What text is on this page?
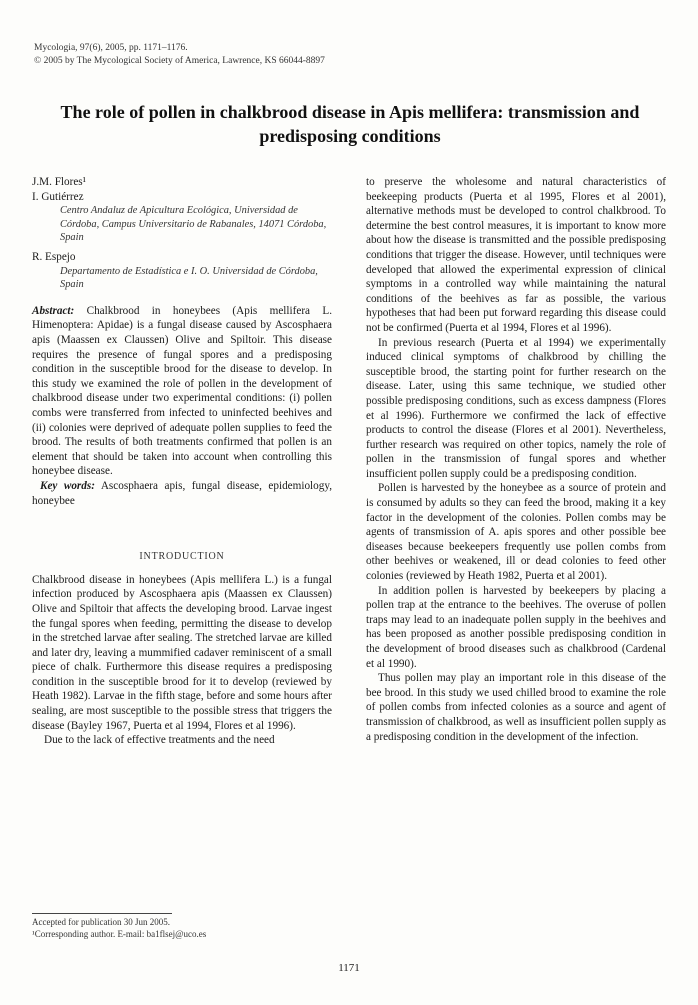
Mycologia, 97(6), 2005, pp. 1171–1176.
© 2005 by The Mycological Society of America, Lawrence, KS 66044-8897
The role of pollen in chalkbrood disease in Apis mellifera: transmission and predisposing conditions
J.M. Flores¹
I. Gutiérrez
Centro Andaluz de Apicultura Ecológica, Universidad de Córdoba, Campus Universitario de Rabanales, 14071 Córdoba, Spain
R. Espejo
Departamento de Estadística e I. O. Universidad de Córdoba, Spain
Abstract: Chalkbrood in honeybees (Apis mellifera L. Himenoptera: Apidae) is a fungal disease caused by Ascosphaera apis (Maassen ex Claussen) Olive and Spiltoir. This disease requires the presence of fungal spores and a predisposing condition in the susceptible brood for the disease to develop. In this study we examined the role of pollen in the development of chalkbrood disease under two experimental conditions: (i) pollen combs were transferred from infected to uninfected beehives and (ii) colonies were deprived of adequate pollen supplies to feed the brood. The results of both treatments confirmed that pollen is an element that should be taken into account when controlling this honeybee disease.

Key words: Ascosphaera apis, fungal disease, epidemiology, honeybee

INTRODUCTION

Chalkbrood disease in honeybees (Apis mellifera L.) is a fungal infection produced by Ascosphaera apis (Maassen ex Claussen) Olive and Spiltoir that affects the developing brood. Larvae ingest the fungal spores when feeding, permitting the disease to develop in the stretched larvae after sealing. The stretched larvae are killed and later dry, leaving a mummified cadaver reminiscent of a small piece of chalk. Furthermore this disease requires a predisposing condition in the susceptible brood for it to develop (reviewed by Heath 1982). Larvae in the fifth stage, before and some hours after sealing, are most susceptible to the possible stress that triggers the disease (Bayley 1967, Puerta et al 1994, Flores et al 1996).

Due to the lack of effective treatments and the need

to preserve the wholesome and natural characteristics of beekeeping products (Puerta et al 1995, Flores et al 2001), alternative methods must be developed to control chalkbrood. To determine the best control measures, it is important to know more about how the disease is transmitted and the possible predisposing conditions that trigger the disease. However, until techniques were developed that allowed the experimental expression of clinical symptoms in a controlled way while maintaining the natural conditions of the beehives as far as possible, the various hypotheses that had been put forward regarding this disease could not be confirmed (Puerta et al 1994, Flores et al 1996).

In previous research (Puerta et al 1994) we experimentally induced clinical symptoms of chalkbrood by chilling the susceptible brood, the starting point for further research on the disease. Later, using this same technique, we studied other possible predisposing conditions, such as excess dampness (Flores et al 1996). Furthermore we confirmed the lack of effective products to control the disease (Flores et al 2001). Nevertheless, further research was required on other topics, namely the role of pollen in the transmission of fungal spores and whether insufficient pollen supply could be a predisposing condition.

Pollen is harvested by the honeybee as a source of protein and is consumed by adults so they can feed the brood, making it a key factor in the development of the colonies. Pollen combs may be agents of transmission of A. apis spores and other possible bee diseases because beekeepers frequently use pollen combs from other beehives or weakened, ill or dead colonies to feed other colonies (reviewed by Heath 1982, Puerta et al 2001).

In addition pollen is harvested by beekeepers by placing a pollen trap at the entrance to the beehives. The overuse of pollen traps may lead to an inadequate pollen supply in the beehives and has been proposed as another possible predisposing condition in the development of brood diseases such as chalkbrood (Cardenal et al 1990).

Thus pollen may play an important role in this disease of the bee brood. In this study we used chilled brood to examine the role of pollen combs from infected colonies as a source and agent of transmission of chalkbrood, as well as insufficient pollen supply as a predisposing condition in the development of the infection.

Accepted for publication 30 Jun 2005.
¹Corresponding author. E-mail: ba1flsej@uco.es
1171
